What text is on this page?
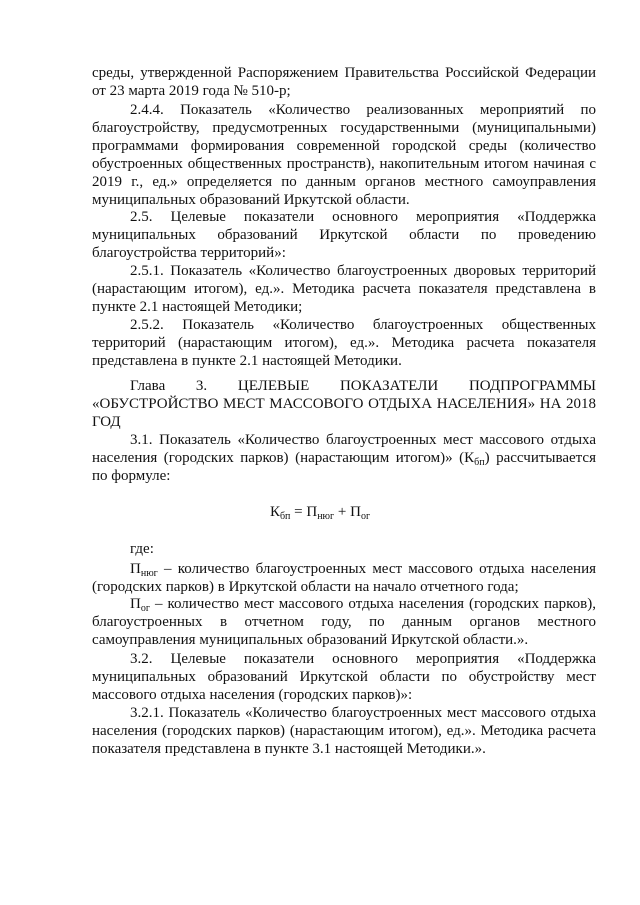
среды, утвержденной Распоряжением Правительства Российской Федерации от 23 марта 2019 года № 510-р;

2.4.4. Показатель «Количество реализованных мероприятий по благоустройству, предусмотренных государственными (муниципальными) программами формирования современной городской среды (количество обустроенных общественных пространств), накопительным итогом начиная с 2019 г., ед.» определяется по данным органов местного самоуправления муниципальных образований Иркутской области.

2.5. Целевые показатели основного мероприятия «Поддержка муниципальных образований Иркутской области по проведению благоустройства территорий»:

2.5.1. Показатель «Количество благоустроенных дворовых территорий (нарастающим итогом), ед.». Методика расчета показателя представлена в пункте 2.1 настоящей Методики;

2.5.2. Показатель «Количество благоустроенных общественных территорий (нарастающим итогом), ед.». Методика расчета показателя представлена в пункте 2.1 настоящей Методики.

Глава 3. ЦЕЛЕВЫЕ ПОКАЗАТЕЛИ ПОДПРОГРАММЫ «ОБУСТРОЙСТВО МЕСТ МАССОВОГО ОТДЫХА НАСЕЛЕНИЯ» НА 2018 ГОД

3.1. Показатель «Количество благоустроенных мест массового отдыха населения (городских парков) (нарастающим итогом)» $(К_{бп})$ рассчитывается по формуле:

$К_{бп} = П_{нюг} + П_{ог}$

где:

$П_{нюг}$ – количество благоустроенных мест массового отдыха населения (городских парков) в Иркутской области на начало отчетного года;

$П_{ог}$ – количество мест массового отдыха населения (городских парков), благоустроенных в отчетном году, по данным органов местного самоуправления муниципальных образований Иркутской области.».

3.2. Целевые показатели основного мероприятия «Поддержка муниципальных образований Иркутской области по обустройству мест массового отдыха населения (городских парков)»:

3.2.1. Показатель «Количество благоустроенных мест массового отдыха населения (городских парков) (нарастающим итогом), ед.». Методика расчета показателя представлена в пункте 3.1 настоящей Методики.».
